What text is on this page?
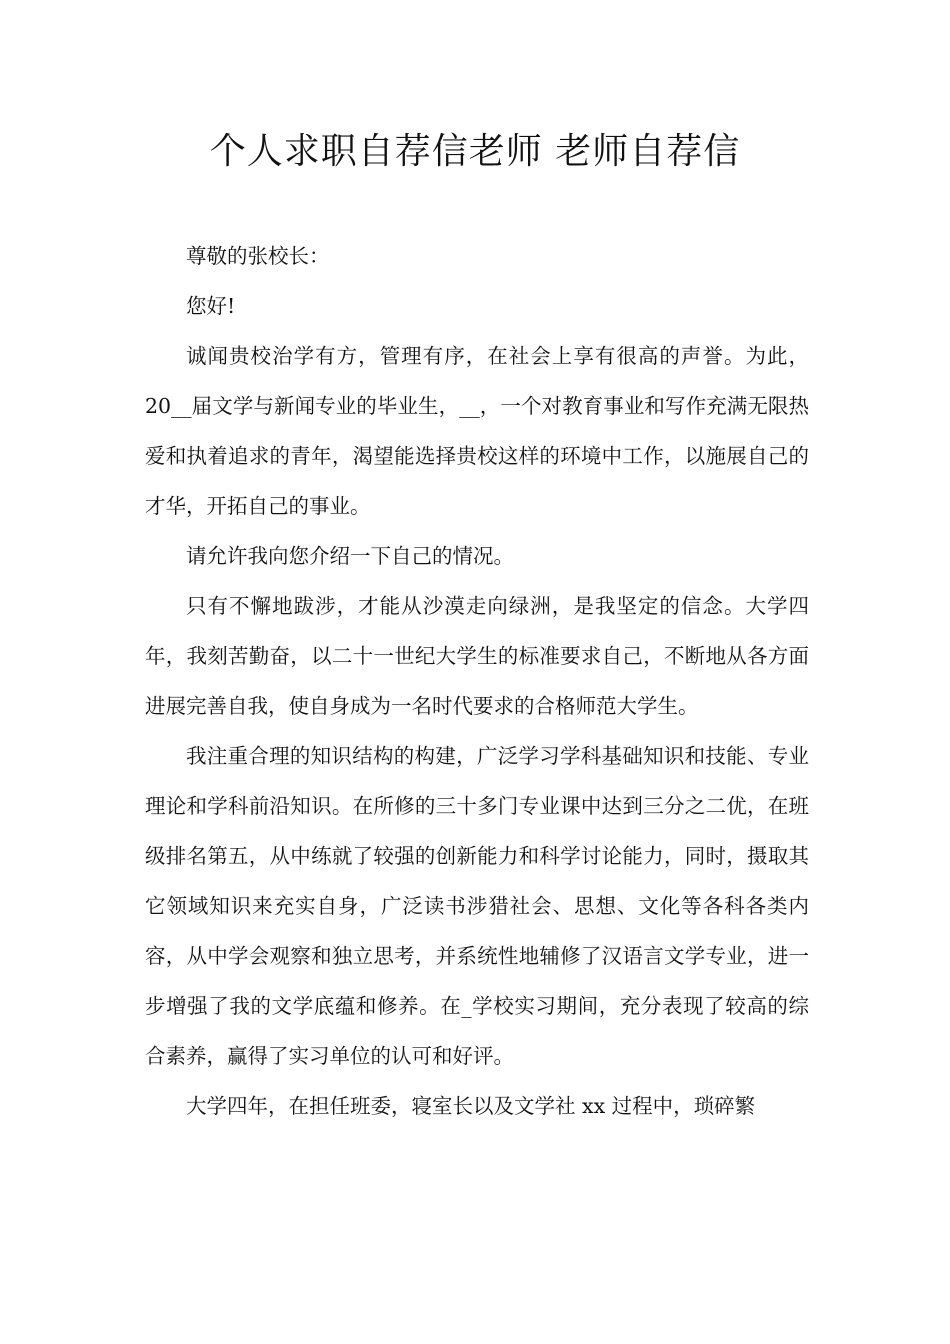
个人求职自荐信老师 老师自荐信

尊敬的张校长：

您好!

诚闻贵校治学有方，管理有序，在社会上享有很高的声誉。为此，20__届文学与新闻专业的毕业生，__，一个对教育事业和写作充满无限热爱和执着追求的青年，渴望能选择贵校这样的环境中工作，以施展自己的才华，开拓自己的事业。

请允许我向您介绍一下自己的情况。

只有不懈地跋涉，才能从沙漠走向绿洲，是我坚定的信念。大学四年，我刻苦勤奋，以二十一世纪大学生的标准要求自己，不断地从各方面进展完善自我，使自身成为一名时代要求的合格师范大学生。

我注重合理的知识结构的构建，广泛学习学科基础知识和技能、专业理论和学科前沿知识。在所修的三十多门专业课中达到三分之二优，在班级排名第五，从中练就了较强的创新能力和科学讨论能力，同时，摄取其它领域知识来充实自身，广泛读书涉猎社会、思想、文化等各科各类内容，从中学会观察和独立思考，并系统性地辅修了汉语言文学专业，进一步增强了我的文学底蕴和修养。在_学校实习期间，充分表现了较高的综合素养，赢得了实习单位的认可和好评。

大学四年，在担任班委，寝室长以及文学社 xx 过程中，琐碎繁
